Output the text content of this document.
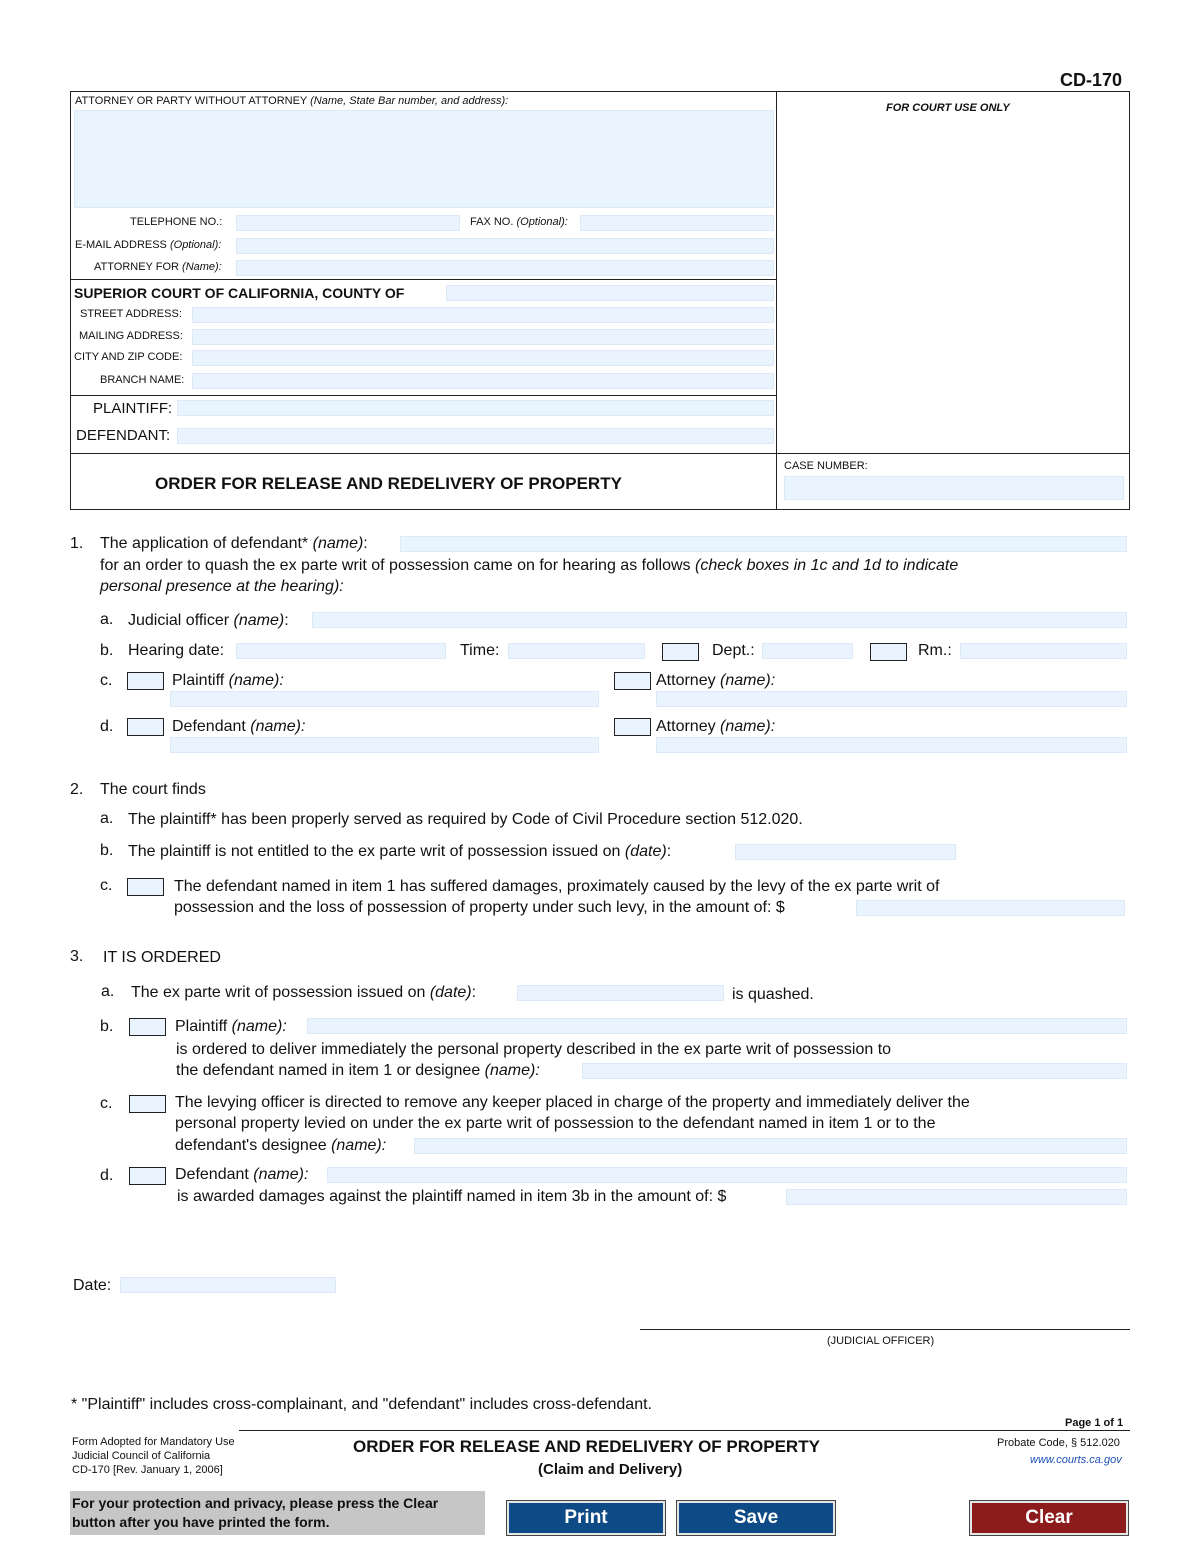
CD-170
FOR COURT USE ONLY
ATTORNEY OR PARTY WITHOUT ATTORNEY (Name, State Bar number, and address):
TELEPHONE NO.:	FAX NO. (Optional):
E-MAIL ADDRESS (Optional):
ATTORNEY FOR (Name):
SUPERIOR COURT OF CALIFORNIA, COUNTY OF
STREET ADDRESS:
MAILING ADDRESS:
CITY AND ZIP CODE:
BRANCH NAME:
PLAINTIFF:
DEFENDANT:
ORDER FOR RELEASE AND REDELIVERY OF PROPERTY
CASE NUMBER:
1. The application of defendant* (name):
for an order to quash the ex parte writ of possession came on for hearing as follows (check boxes in 1c and 1d to indicate
personal presence at the hearing):
a. Judicial officer (name):
b. Hearing date:	Time:	Dept.:	Rm.:
c.	Plaintiff (name):	Attorney (name):
d.	Defendant (name):	Attorney (name):
2. The court finds
a. The plaintiff* has been properly served as required by Code of Civil Procedure section 512.020.
b. The plaintiff is not entitled to the ex parte writ of possession issued on (date):
c.	The defendant named in item 1 has suffered damages, proximately caused by the levy of the ex parte writ of
possession and the loss of possession of property under such levy, in the amount of: $
3. IT IS ORDERED
a. The ex parte writ of possession issued on (date):	is quashed.
b.	Plaintiff (name):
is ordered to deliver immediately the personal property described in the ex parte writ of possession to
the defendant named in item 1 or designee (name):
c.	The levying officer is directed to remove any keeper placed in charge of the property and immediately deliver the
personal property levied on under the ex parte writ of possession to the defendant named in item 1 or to the
defendant's designee (name):
d.	Defendant (name):
is awarded damages against the plaintiff named in item 3b in the amount of: $
Date:
(JUDICIAL OFFICER)
* "Plaintiff" includes cross-complainant, and "defendant" includes cross-defendant.
Page 1 of 1
Form Adopted for Mandatory Use
Judicial Council of California
CD-170 [Rev. January 1, 2006]
ORDER FOR RELEASE AND REDELIVERY OF PROPERTY
(Claim and Delivery)
Probate Code, § 512.020
www.courts.ca.gov
For your protection and privacy, please press the Clear
button after you have printed the form.	Print	Save	Clear
